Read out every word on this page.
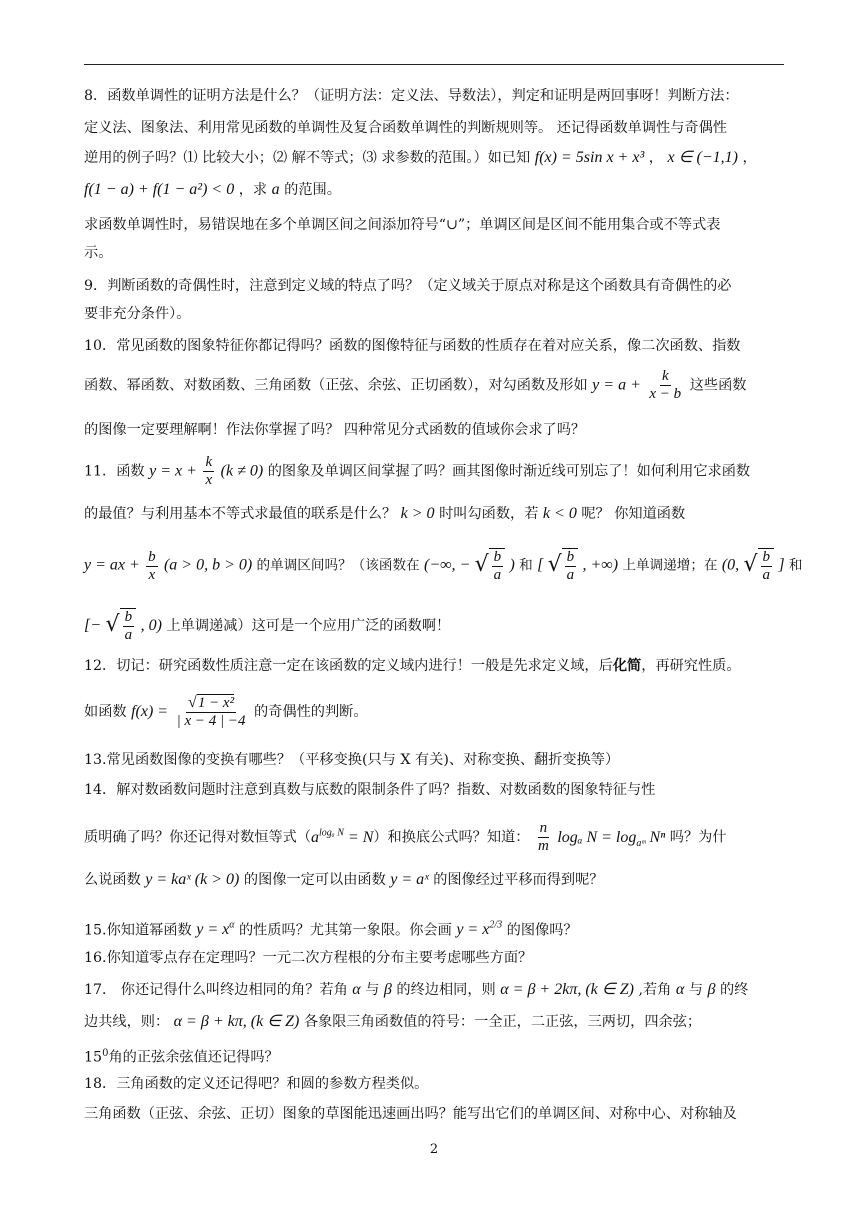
8．函数单调性的证明方法是什么？（证明方法：定义法、导数法），判定和证明是两回事呀！判断方法：
定义法、图象法、利用常见函数的单调性及复合函数单调性的判断规则等。 还记得函数单调性与奇偶性
逆用的例子吗？⑴ 比较大小；⑵ 解不等式；⑶ 求参数的范围。）如已知 f(x) = 5sin x + x³ ， x ∈ (−1,1) ，
f(1 − a) + f(1 − a²) < 0 ，求 a 的范围。
求函数单调性时，易错误地在多个单调区间之间添加符号“∪”；单调区间是区间不能用集合或不等式表
示。
9．判断函数的奇偶性时，注意到定义域的特点了吗？（定义域关于原点对称是这个函数具有奇偶性的必
要非充分条件）。
10．常见函数的图象特征你都记得吗？函数的图像特征与函数的性质存在着对应关系，像二次函数、指数
函数、幂函数、对数函数、三角函数（正弦、余弦、正切函数），对勾函数及形如 $y = a + \frac{k}{x - b}$ 这些函数
的图像一定要理解啊！作法你掌握了吗？ 四种常见分式函数的值域你会求了吗？
11．函数 $y = x + \frac{k}{x} (k \ne 0)$ 的图象及单调区间掌握了吗？画其图像时渐近线可别忘了！如何利用它求函数
的最值？与利用基本不等式求最值的联系是什么？ k > 0 时叫勾函数，若 k < 0 呢？ 你知道函数
y = ax + $\frac{b}{x} (a > 0$, b > 0) 的单调区间吗？（该函数在 (−∞, − √ $\frac{b}{a}$ ) 和 [ √ $\frac{b}{a}$ , +∞) 上单调递增；在 (0, √ $\frac{b}{a}$ ] 和
[− √ $\frac{b}{a}$ , 0) 上单调递减）这可是一个应用广泛的函数啊！
12．切记：研究函数性质注意一定在该函数的定义域内进行！一般是先求定义域，后化简，再研究性质。
如函数 $f(x) = \frac{\text{√ 1 − x²}}{| x - 4 | -4}$ 的奇偶性的判断。
13.常见函数图像的变换有哪些？（平移变换(只与 X 有关)、对称变换、翻折变换等）
14．解对数函数问题时注意到真数与底数的限制条件了吗？指数、对数函数的图象特征与性
质明确了吗？你还记得对数恒等式$(a^{log_a N} = N)$和换底公式吗？知道： $\frac{n}{m}$ logₐ $N = \log_{aᵐ} N^n$ 吗？为什
么说函数 y = kaˣ (k > 0) 的图像一定可以由函数 y = aˣ 的图像经过平移而得到呢？
15.你知道幂函数 $y = x^\alpha$ 的性质吗？尤其第一象限。你会画 $y = x^{2/3}$ 的图像吗？
16.你知道零点存在定理吗？一元二次方程根的分布主要考虑哪些方面？
17． 你还记得什么叫终边相同的角？若角 α 与 β 的终边相同，则 α = β + 2kπ, (k ∈ Z) ,若角 α 与 β 的终
边共线，则： α = β + kπ, (k ∈ Z) 各象限三角函数值的符号：一全正，二正弦，三两切，四余弦；
$15^0$角的正弦余弦值还记得吗？
18．三角函数的定义还记得吧？和圆的参数方程类似。
三角函数（正弦、余弦、正切）图象的草图能迅速画出吗？能写出它们的单调区间、对称中心、对称轴及
2
